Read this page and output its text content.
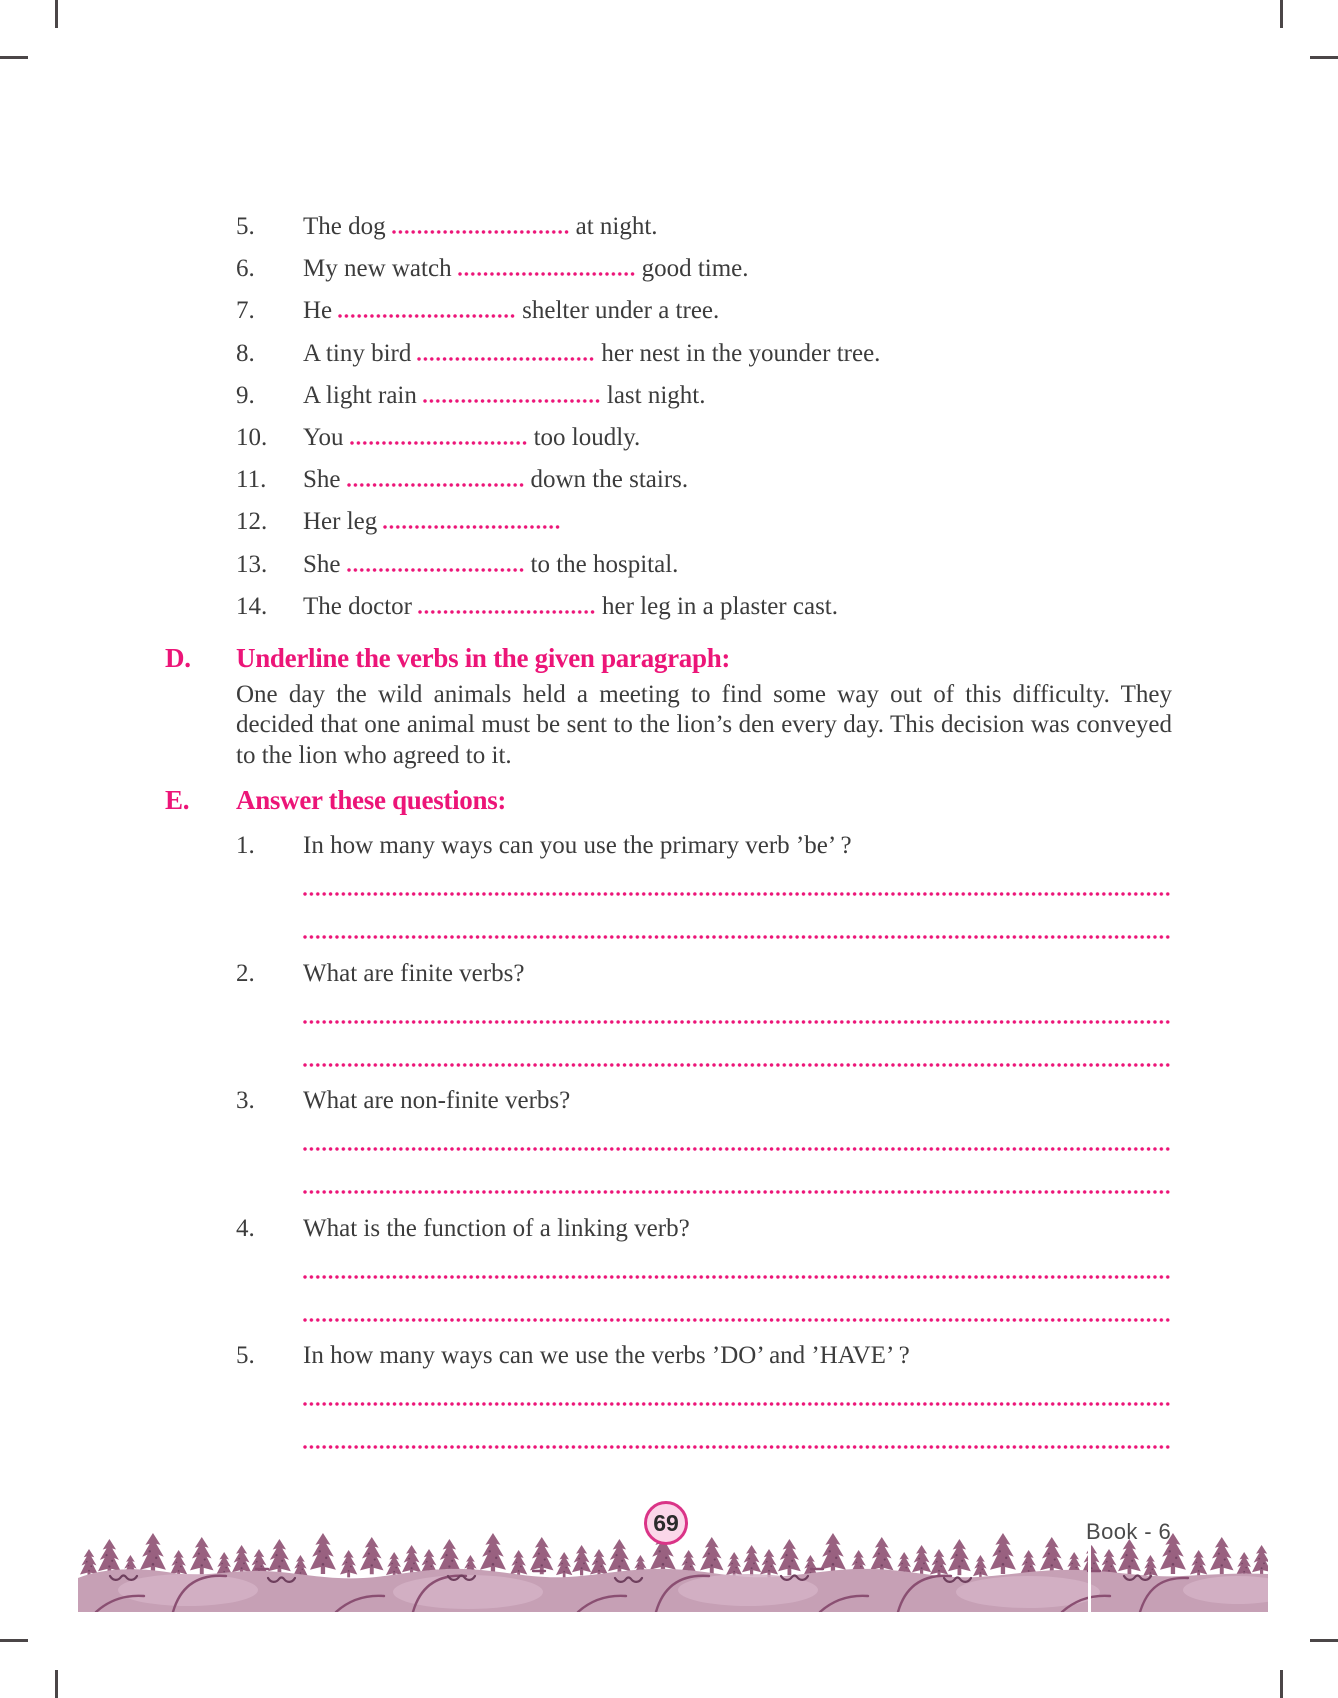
5. The dog	at night.
6. My new watch	good time.
7. He	shelter under a tree.
8. A tiny bird	her nest in the younder tree.
9. A light rain	last night.
10. You	too loudly.
11. She	down the stairs.
12. Her leg
13. She	to the hospital.
14. The doctor	her leg in a plaster cast.
D.	Underline the verbs in the given paragraph:
One day the wild animals held a meeting to find some way out of this difficulty. They decided that one animal must be sent to the lion’s den every day. This decision was conveyed to the lion who agreed to it.
E.	Answer these questions:
1. In how many ways can you use the primary verb ’be’ ?
2. What are finite verbs?
3. What are non-finite verbs?
4. What is the function of a linking verb?
5. In how many ways can we use the verbs ’DO’ and ’HAVE’ ?
69	Book - 6
